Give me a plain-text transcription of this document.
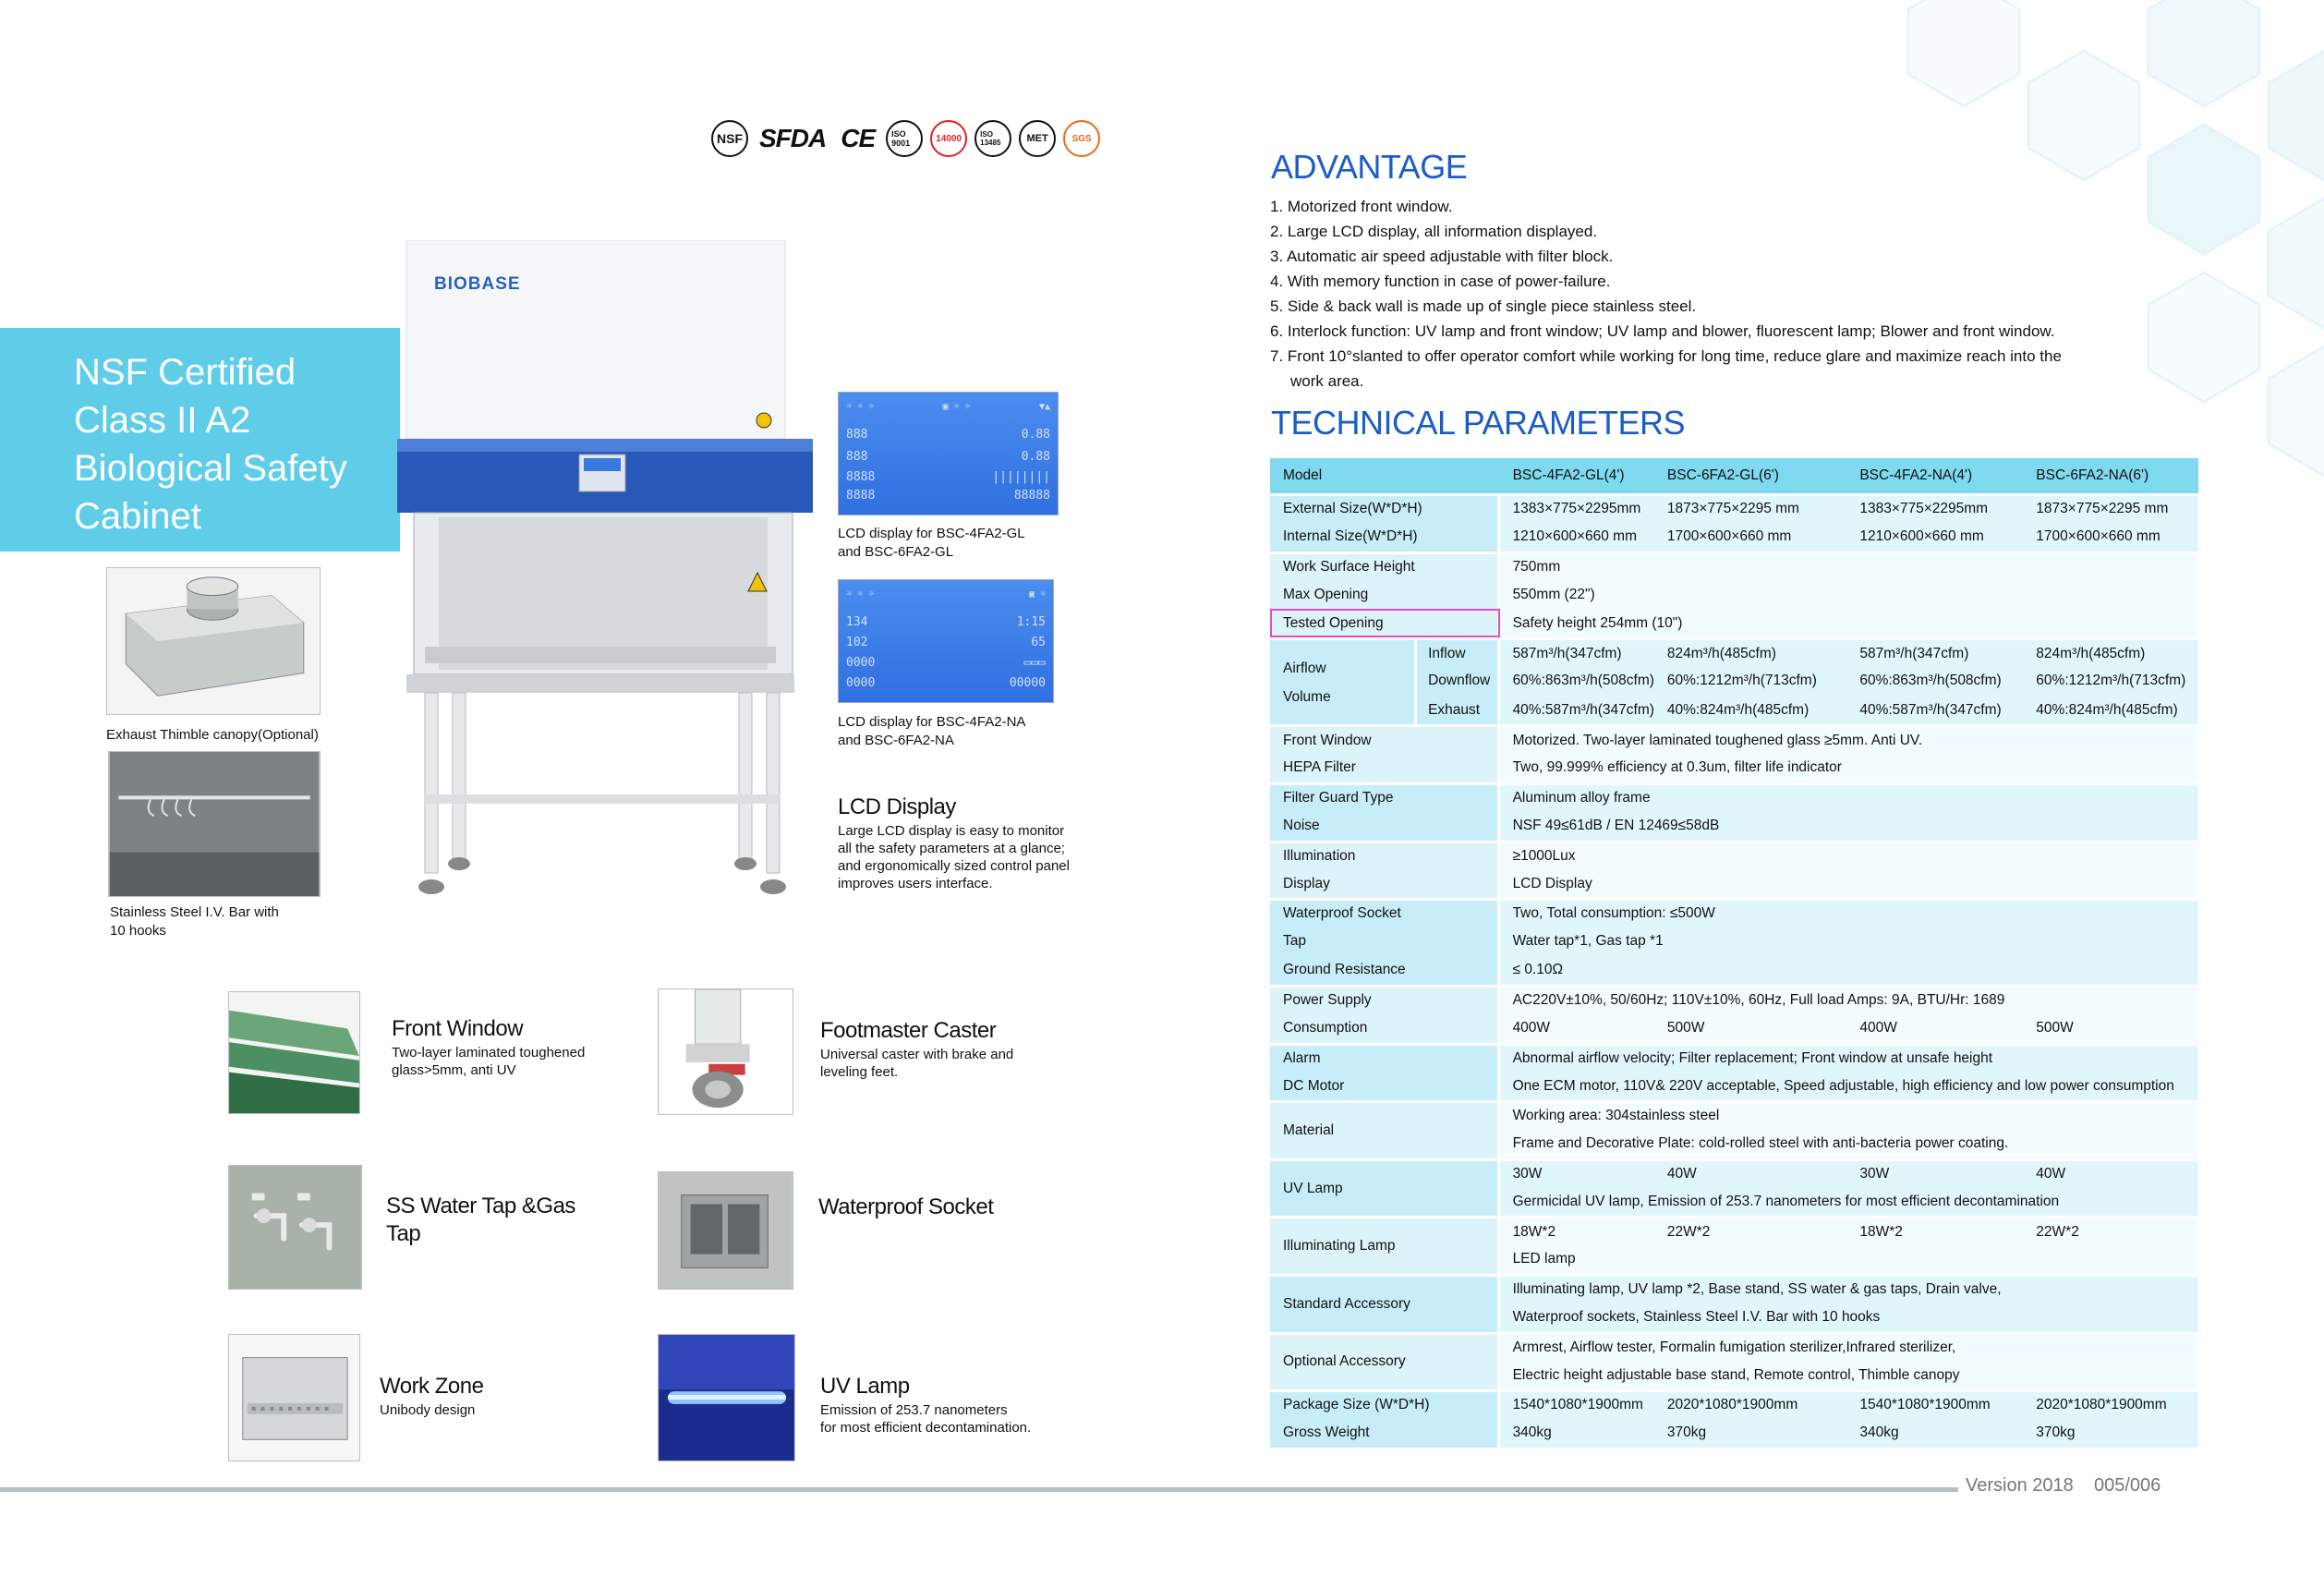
NSF SFDA CE	ISO 9001	14000	ISO 13485	MET	SGS
NSF Certified
Class II A2
Biological Safety
Cabinet
BIOBASE
Exhaust Thimble canopy(Optional)
Stainless Steel I.V. Bar with
10 hooks
☼ ☼ ☼	▣ ☼ ☼	▼▲
888	0.88
888	0.88
8888	||||||||
8888	88888
LCD display for BSC-4FA2-GL
and BSC-6FA2-GL
☼ ☼ ☼	▣ ☼
134	1:15
102	65
0000	▭▭▭
0000	00000
LCD display for BSC-4FA2-NA
and BSC-6FA2-NA
LCD Display
Large LCD display is easy to monitor
all the safety parameters at a glance;
and ergonomically sized control panel
improves users interface.
Front Window
Two-layer laminated toughened
glass>5mm, anti UV
Footmaster Caster
Universal caster with brake and
leveling feet.
SS Water Tap &Gas
Tap
Waterproof Socket
Work Zone
Unibody design
UV Lamp
Emission of 253.7 nanometers
for most efficient decontamination.
ADVANTAGE
1. Motorized front window.
2. Large LCD display, all information displayed.
3. Automatic air speed adjustable with filter block.
4. With memory function in case of power-failure.
5. Side & back wall is made up of single piece stainless steel.
6. Interlock function: UV lamp and front window; UV lamp and blower, fluorescent lamp; Blower and front window.
7. Front 10°slanted to offer operator comfort while working for long time, reduce glare and maximize reach into the
work area.
TECHNICAL PARAMETERS
Model		BSC-4FA2-GL(4')	BSC-6FA2-GL(6')	BSC-4FA2-NA(4')	BSC-6FA2-NA(6')
External Size(W*D*H)		1383×775×2295mm	1873×775×2295 mm	1383×775×2295mm	1873×775×2295 mm
Internal Size(W*D*H)		1210×600×660 mm	1700×600×660 mm	1210×600×660 mm	1700×600×660 mm
Work Surface Height		750mm			
Max Opening		550mm (22")			
Tested Opening		Safety height 254mm (10")			

Airflow
Volume	Inflow	587m³/h(347cfm)	824m³/h(485cfm)	587m³/h(347cfm)	824m³/h(485cfm)
	Downflow	60%:863m³/h(508cfm)	60%:1212m³/h(713cfm)	60%:863m³/h(508cfm)	60%:1212m³/h(713cfm)
	Exhaust	40%:587m³/h(347cfm)	40%:824m³/h(485cfm)	40%:587m³/h(347cfm)	40%:824m³/h(485cfm)
Front Window		Motorized. Two-layer laminated toughened glass ≥5mm. Anti UV.			
HEPA Filter		Two, 99.999% efficiency at 0.3um, filter life indicator			
Filter Guard Type		Aluminum alloy frame			
Noise		NSF 49≤61dB / EN 12469≤58dB			
Illumination		≥1000Lux			
Display		LCD Display			
Waterproof Socket		Two, Total consumption: ≤500W			
Tap		Water tap*1, Gas tap *1			
Ground Resistance		≤ 0.10Ω			
Power Supply		AC220V±10%, 50/60Hz; 110V±10%, 60Hz, Full load Amps: 9A, BTU/Hr: 1689			
Consumption		400W	500W	400W	500W
Alarm		Abnormal airflow velocity; Filter replacement; Front window at unsafe height			
DC Motor		One ECM motor, 110V& 220V acceptable, Speed adjustable, high efficiency and low power consumption			
Material		Working area: 304stainless steel			
		Frame and Decorative Plate: cold-rolled steel with anti-bacteria power coating.			
UV Lamp		30W	40W	30W	40W
		Germicidal UV lamp, Emission of 253.7 nanometers for most efficient decontamination			
Illuminating Lamp		18W*2	22W*2	18W*2	22W*2
		LED lamp			
Standard Accessory		Illuminating lamp, UV lamp *2, Base stand, SS water & gas taps, Drain valve,			
		Waterproof sockets, Stainless Steel I.V. Bar with 10 hooks			
Optional Accessory		Armrest, Airflow tester, Formalin fumigation sterilizer,Infrared sterilizer,			
		Electric height adjustable base stand, Remote control, Thimble canopy			
Package Size (W*D*H)		1540*1080*1900mm	2020*1080*1900mm	1540*1080*1900mm	2020*1080*1900mm
Gross Weight		340kg	370kg	340kg	370kg
Version 2018    005/006
